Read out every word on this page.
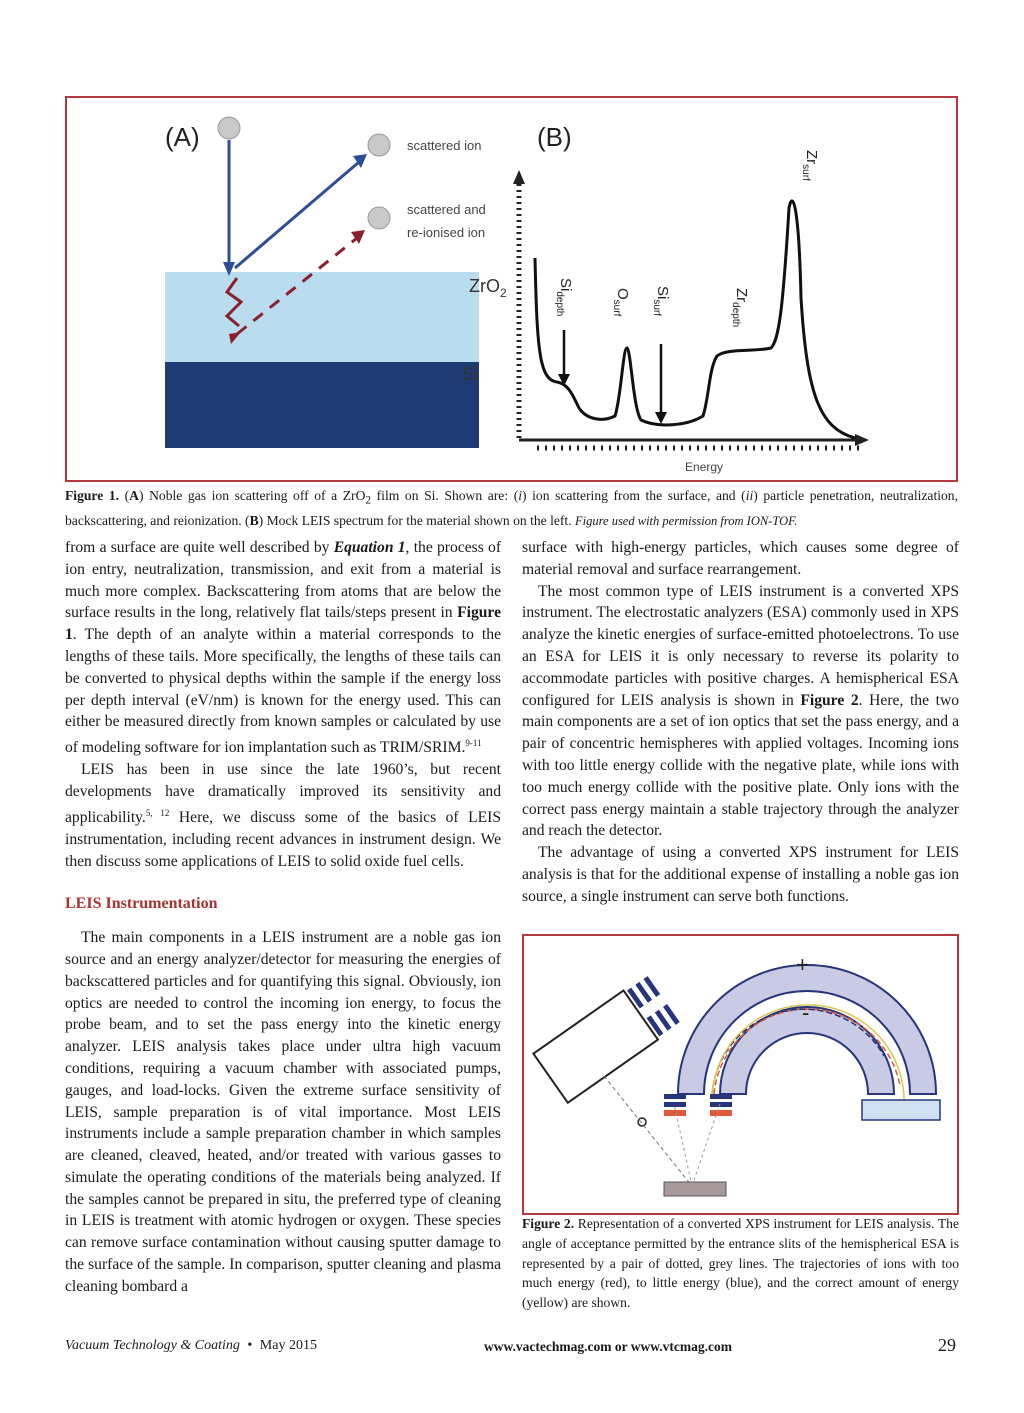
(A)	scattered ion
scattered and
re-ionised ion
ZrO$_2$
Si
(B)
Energy
$Si_{depth}$	$O_{surf}$
$Si_{surf}$
$Zr_{depth}$
$Zr_{surf}$
Figure 1. (A) Noble gas ion scattering off of a ZrO$_2$ film on Si. Shown are: (i) ion scattering from the surface, and (ii) particle penetration, neutralization, backscattering, and reionization. (B) Mock LEIS spectrum for the material shown on the left. Figure used with permission from ION-TOF.

from a surface are quite well described by Equation 1, the process of ion entry, neutralization, transmission, and exit from a material is much more complex. Backscattering from atoms that are below the surface results in the long, relatively flat tails/steps present in Figure 1. The depth of an analyte within a material corresponds to the lengths of these tails. More specifically, the lengths of these tails can be converted to physical depths within the sample if the energy loss per depth interval (eV/nm) is known for the energy used. This can either be measured directly from known samples or calculated by use of modeling software for ion implantation such as TRIM/SRIM.$^{9-11}$

LEIS has been in use since the late 1960’s, but recent developments have dramatically improved its sensitivity and applicability.$^{5, 12}$ Here, we discuss some of the basics of LEIS instrumentation, including recent advances in instrument design. We then discuss some applications of LEIS to solid oxide fuel cells.

LEIS Instrumentation

The main components in a LEIS instrument are a noble gas ion source and an energy analyzer/detector for measuring the energies of backscattered particles and for quantifying this signal. Obviously, ion optics are needed to control the incoming ion energy, to focus the probe beam, and to set the pass energy into the kinetic energy analyzer. LEIS analysis takes place under ultra high vacuum conditions, requiring a vacuum chamber with associated pumps, gauges, and load-locks. Given the extreme surface sensitivity of LEIS, sample preparation is of vital importance. Most LEIS instruments include a sample preparation chamber in which samples are cleaned, cleaved, heated, and/or treated with various gasses to simulate the operating conditions of the materials being analyzed. If the samples cannot be prepared in situ, the preferred type of cleaning in LEIS is treatment with atomic hydrogen or oxygen. These species can remove surface contamination without causing sputter damage to the surface of the sample. In comparison, sputter cleaning and plasma cleaning bombard a

surface with high-energy particles, which causes some degree of material removal and surface rearrangement.

The most common type of LEIS instrument is a converted XPS instrument. The electrostatic analyzers (ESA) commonly used in XPS analyze the kinetic energies of surface-emitted photoelectrons. To use an ESA for LEIS it is only necessary to reverse its polarity to accommodate particles with positive charges. A hemispherical ESA configured for LEIS analysis is shown in Figure 2. Here, the two main components are a set of ion optics that set the pass energy, and a pair of concentric hemispheres with applied voltages. Incoming ions with too little energy collide with the negative plate, while ions with too much energy collide with the positive plate. Only ions with the correct pass energy maintain a stable trajectory through the analyzer and reach the detector.

The advantage of using a converted XPS instrument for LEIS analysis is that for the additional expense of installing a noble gas ion source, a single instrument can serve both functions.

+
-
Figure 2. Representation of a converted XPS instrument for LEIS analysis. The angle of acceptance permitted by the entrance slits of the hemispherical ESA is represented by a pair of dotted, grey lines. The trajectories of ions with too much energy (red), to little energy (blue), and the correct amount of energy (yellow) are shown.
Vacuum Technology & Coating • May 2015	www.vactechmag.com or www.vtcmag.com	29
